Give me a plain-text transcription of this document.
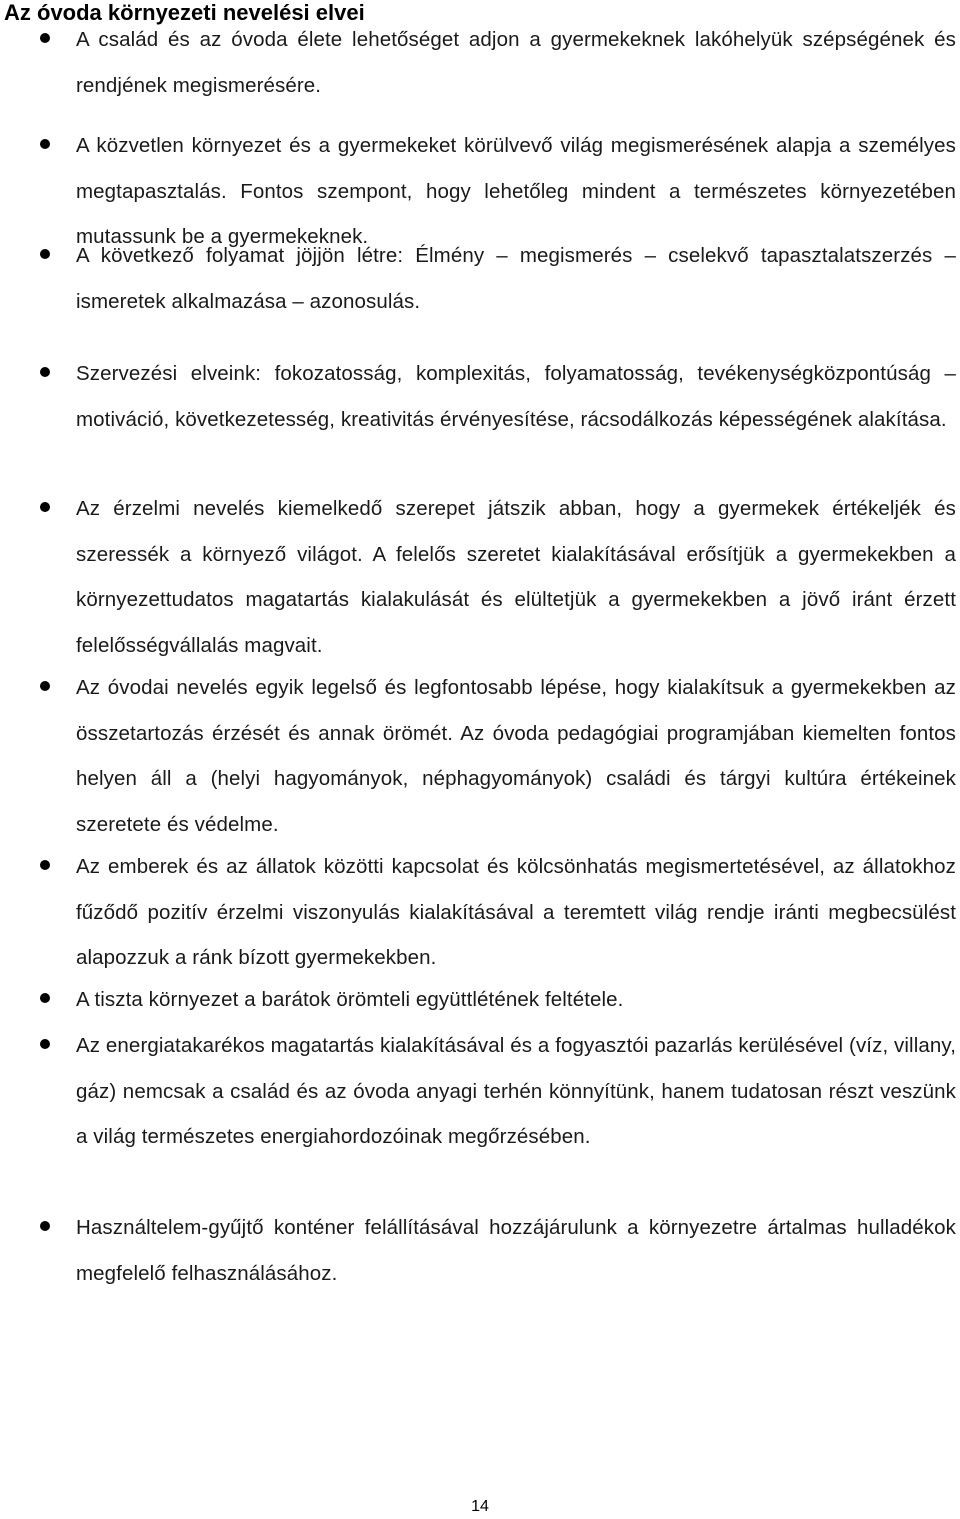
Az óvoda környezeti nevelési elvei
A család és az óvoda élete lehetőséget adjon a gyermekeknek lakóhelyük szépségének és rendjének megismerésére.
A közvetlen környezet és a gyermekeket körülvevő világ megismerésének alapja a személyes megtapasztalás. Fontos szempont, hogy lehetőleg mindent a természetes környezetében mutassunk be a gyermekeknek.
A következő folyamat jöjjön létre: Élmény – megismerés – cselekvő tapasztalatszerzés – ismeretek alkalmazása – azonosulás.
Szervezési elveink: fokozatosság, komplexitás, folyamatosság, tevékenységközpontúság – motiváció, következetesség, kreativitás érvényesítése, rácsodálkozás képességének alakítása.
Az érzelmi nevelés kiemelkedő szerepet játszik abban, hogy a gyermekek értékeljék és szeressék a környező világot. A felelős szeretet kialakításával erősítjük a gyermekekben a környezettudatos magatartás kialakulását és elültetjük a gyermekekben a jövő iránt érzett felelősségvállalás magvait.
Az óvodai nevelés egyik legelső és legfontosabb lépése, hogy kialakítsuk a gyermekekben az összetartozás érzését és annak örömét. Az óvoda pedagógiai programjában kiemelten fontos helyen áll a (helyi hagyományok, néphagyományok) családi és tárgyi kultúra értékeinek szeretete és védelme.
Az emberek és az állatok közötti kapcsolat és kölcsönhatás megismertetésével, az állatokhoz fűződő pozitív érzelmi viszonyulás kialakításával a teremtett világ rendje iránti megbecsülést alapozzuk a ránk bízott gyermekekben.
A tiszta környezet a barátok örömteli együttlétének feltétele.
Az energiatakarékos magatartás kialakításával és a fogyasztói pazarlás kerülésével (víz, villany, gáz) nemcsak a család és az óvoda anyagi terhén könnyítünk, hanem tudatosan részt veszünk a világ természetes energiahordozóinak megőrzésében.
Használtelem-gyűjtő konténer felállításával hozzájárulunk a környezetre ártalmas hulladékok megfelelő felhasználásához.
14
